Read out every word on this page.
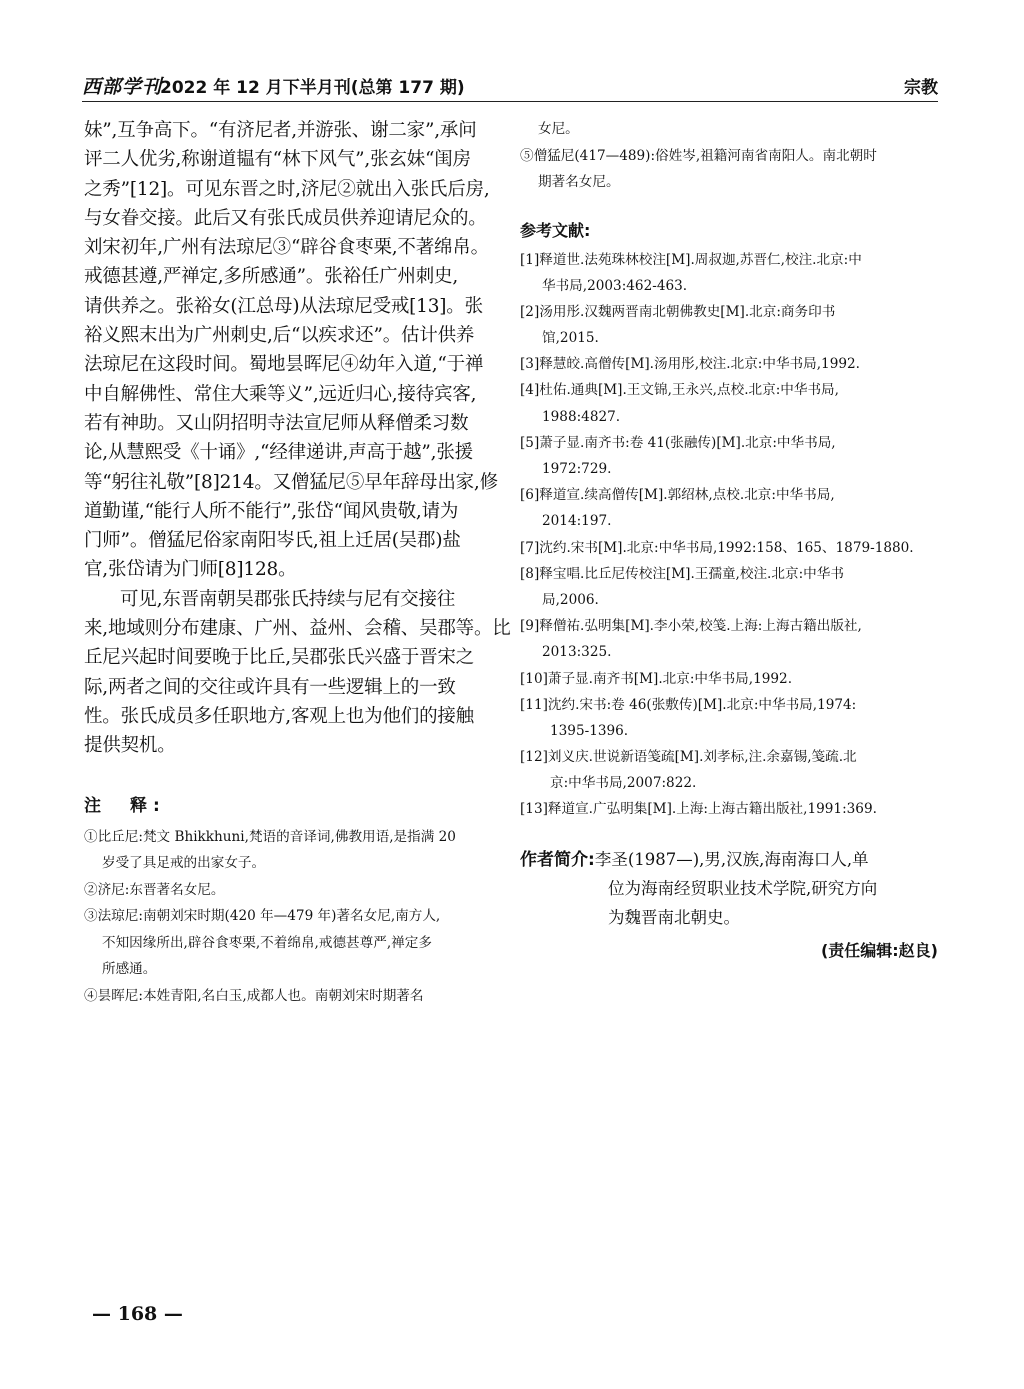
西部学刊
2022 年 12 月下半月刊(总第 177 期)	宗教
妹”,互争高下。“有济尼者,并游张、谢二家”,承问
评二人优劣,称谢道韫有“林下风气”,张玄妹“闺房
之秀”[12]。可见东晋之时,济尼②就出入张氏后房,
与女眷交接。此后又有张氏成员供养迎请尼众的。
刘宋初年,广州有法琼尼③“辟谷食枣栗,不著绵帛。
戒德甚遵,严禅定,多所感通”。张裕任广州刺史,
请供养之。张裕女(江总母)从法琼尼受戒[13]。张
裕义熙末出为广州刺史,后“以疾求还”。估计供养
法琼尼在这段时间。蜀地昙晖尼④幼年入道,“于禅
中自解佛性、常住大乘等义”,远近归心,接待宾客,
若有神助。又山阴招明寺法宣尼师从释僧柔习数
论,从慧熙受《十诵》,“经律递讲,声高于越”,张援
等“躬往礼敬”[8]214。又僧猛尼⑤早年辞母出家,修
道勤谨,“能行人所不能行”,张岱“闻风贵敬,请为
门师”。僧猛尼俗家南阳岑氏,祖上迁居(吴郡)盐
官,张岱请为门师[8]128。
可见,东晋南朝吴郡张氏持续与尼有交接往
来,地域则分布建康、广州、益州、会稽、吴郡等。比
丘尼兴起时间要晚于比丘,吴郡张氏兴盛于晋宋之
际,两者之间的交往或许具有一些逻辑上的一致
性。张氏成员多任职地方,客观上也为他们的接触
提供契机。
注　释:
①比丘尼:梵文 Bhikkhuni,梵语的音译词,佛教用语,是指满 20
岁受了具足戒的出家女子。
②济尼:东晋著名女尼。
③法琼尼:南朝刘宋时期(420 年—479 年)著名女尼,南方人,
不知因缘所出,辟谷食枣栗,不着绵帛,戒德甚尊严,禅定多
所感通。
④昙晖尼:本姓青阳,名白玉,成都人也。南朝刘宋时期著名
女尼。
⑤僧猛尼(417—489):俗姓岑,祖籍河南省南阳人。南北朝时
期著名女尼。
参考文献:
[1]释道世.法苑珠林校注[M].周叔迦,苏晋仁,校注.北京:中
华书局,2003:462-463.
[2]汤用彤.汉魏两晋南北朝佛教史[M].北京:商务印书
馆,2015.
[3]释慧皎.高僧传[M].汤用彤,校注.北京:中华书局,1992.
[4]杜佑.通典[M].王文锦,王永兴,点校.北京:中华书局,
1988:4827.
[5]萧子显.南齐书:卷 41(张融传)[M].北京:中华书局,
1972:729.
[6]释道宣.续高僧传[M].郭绍林,点校.北京:中华书局,
2014:197.
[7]沈约.宋书[M].北京:中华书局,1992:158、165、1879-1880.
[8]释宝唱.比丘尼传校注[M].王孺童,校注.北京:中华书
局,2006.
[9]释僧祐.弘明集[M].李小荣,校笺.上海:上海古籍出版社,
2013:325.
[10]萧子显.南齐书[M].北京:中华书局,1992.
[11]沈约.宋书:卷 46(张敷传)[M].北京:中华书局,1974:
1395-1396.
[12]刘义庆.世说新语笺疏[M].刘孝标,注.余嘉锡,笺疏.北
京:中华书局,2007:822.
[13]释道宣.广弘明集[M].上海:上海古籍出版社,1991:369.
作者简介:李圣(1987—),男,汉族,海南海口人,单
位为海南经贸职业技术学院,研究方向
为魏晋南北朝史。
(责任编辑:赵良)
— 168 —
